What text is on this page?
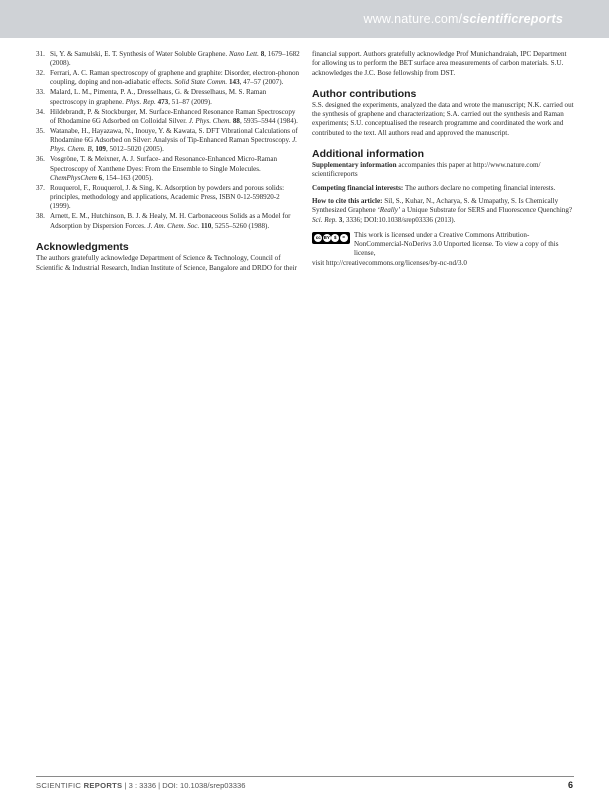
www.nature.com/scientificreports
31. Si, Y. & Samulski, E. T. Synthesis of Water Soluble Graphene. Nano Lett. 8, 1679–1682 (2008).
32. Ferrari, A. C. Raman spectroscopy of graphene and graphite: Disorder, electron-phonon coupling, doping and non-adiabatic effects. Solid State Comm. 143, 47–57 (2007).
33. Malard, L. M., Pimenta, P. A., Dresselhaus, G. & Dresselhaus, M. S. Raman spectroscopy in graphene. Phys. Rep. 473, 51–87 (2009).
34. Hildebrandt, P. & Stockburger, M. Surface-Enhanced Resonance Raman Spectroscopy of Rhodamine 6G Adsorbed on Colloidal Silver. J. Phys. Chem. 88, 5935–5944 (1984).
35. Watanabe, H., Hayazawa, N., Inouye, Y. & Kawata, S. DFT Vibrational Calculations of Rhodamine 6G Adsorbed on Silver: Analysis of Tip-Enhanced Raman Spectroscopy. J. Phys. Chem. B, 109, 5012–5020 (2005).
36. Vosgröne, T. & Meixner, A. J. Surface- and Resonance-Enhanced Micro-Raman Spectroscopy of Xanthene Dyes: From the Ensemble to Single Molecules. ChemPhysChem 6, 154–163 (2005).
37. Rouquerol, F., Rouquerol, J. & Sing, K. Adsorption by powders and porous solids: principles, methodology and applications, Academic Press, ISBN 0-12-598920-2 (1999).
38. Arnett, E. M., Hutchinson, B. J. & Healy, M. H. Carbonaceous Solids as a Model for Adsorption by Dispersion Forces. J. Am. Chem. Soc. 110, 5255–5260 (1988).
Acknowledgments

The authors gratefully acknowledge Department of Science & Technology, Council of Scientific & Industrial Research, Indian Institute of Science, Bangalore and DRDO for their

financial support. Authors gratefully acknowledge Prof Munichandraiah, IPC Department for allowing us to perform the BET surface area measurements of carbon materials. S.U. acknowledges the J.C. Bose fellowship from DST.

Author contributions

S.S. designed the experiments, analyzed the data and wrote the manuscript; N.K. carried out the synthesis of graphene and characterization; S.A. carried out the synthesis and Raman experiments; S.U. conceptualised the research programme and coordinated the work and contributed to the text. All authors read and approved the manuscript.

Additional information

Supplementary information accompanies this paper at http://www.nature.com/ scientificreports

Competing financial interests: The authors declare no competing financial interests.

How to cite this article: Sil, S., Kuhar, N., Acharya, S. & Umapathy, S. Is Chemically Synthesized Graphene ‘Really’ a Unique Substrate for SERS and Fluorescence Quenching? Sci. Rep. 3, 3336; DOI:10.1038/srep03336 (2013).

cc BY $	=	This work is licensed under a Creative Commons Attribution-NonCommercial-NoDerivs 3.0 Unported license. To view a copy of this license,

visit http://creativecommons.org/licenses/by-nc-nd/3.0

SCIENTIFIC REPORTS | 3 : 3336 | DOI: 10.1038/srep03336	6
